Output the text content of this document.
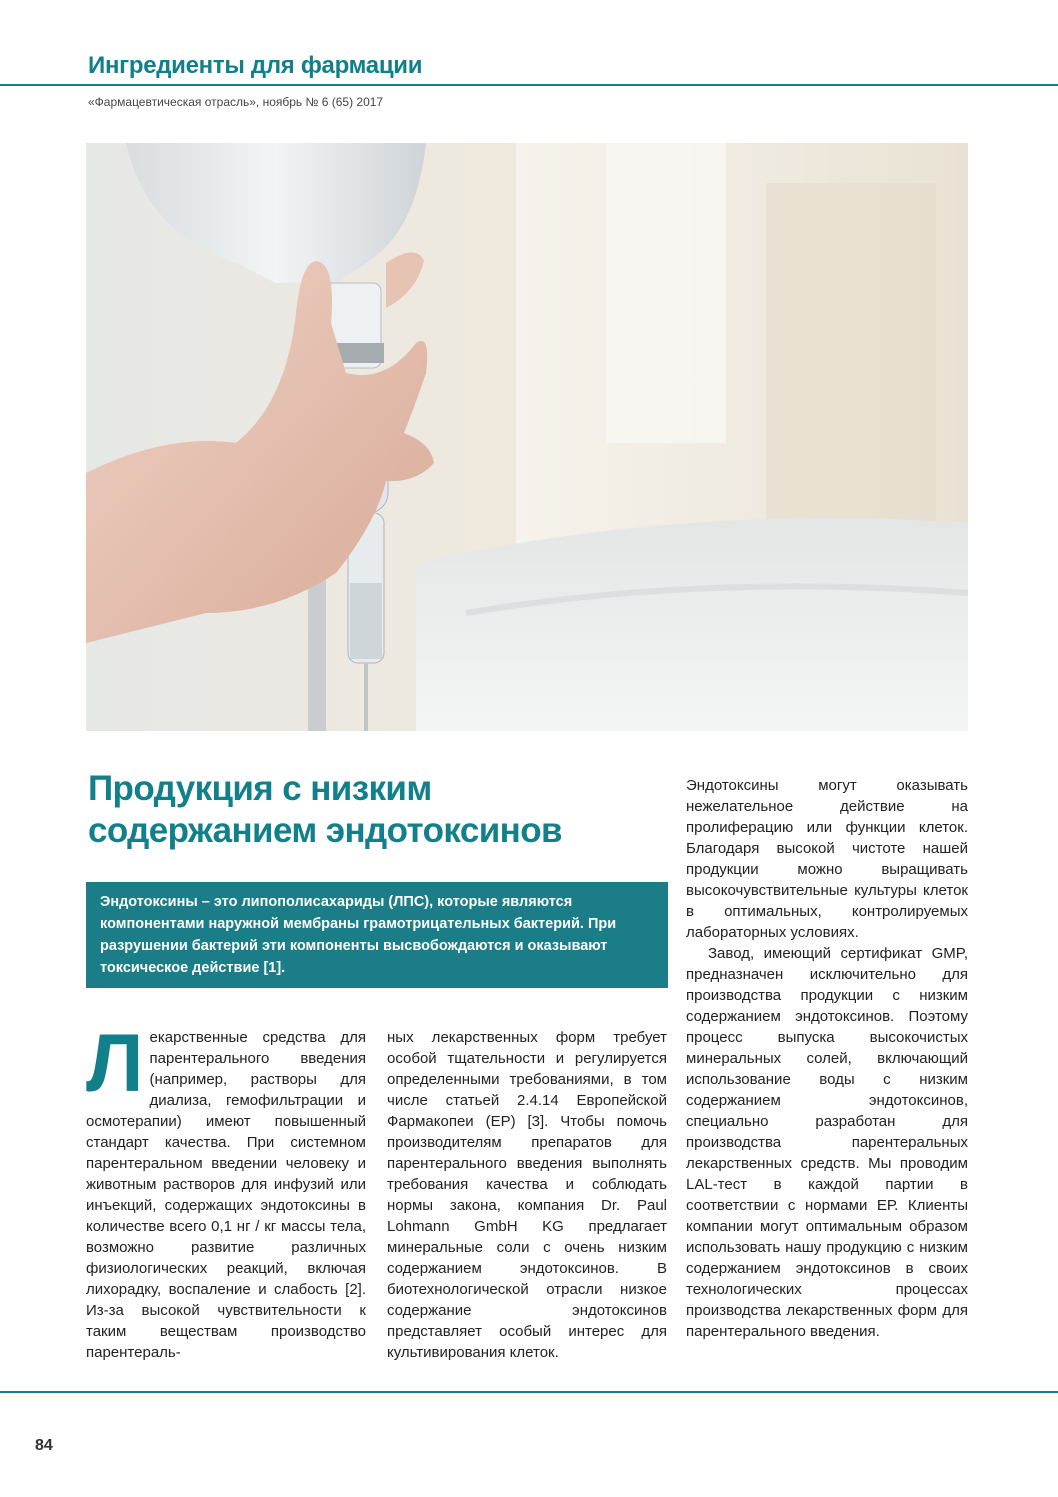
Ингредиенты для фармации
«Фармацевтическая отрасль», ноябрь № 6 (65) 2017
Продукция с низким
содержанием эндотоксинов

Эндотоксины – это липополисахариды (ЛПС), которые являются компонентами наружной мембраны грамотрицательных бактерий. При разрушении бактерий эти компоненты высвобождаются и оказывают токсическое действие [1].

Л екарственные средства для парентерального введения (например, растворы для диализа, гемофильтрации и осмотерапии) имеют повышенный стандарт качества. При системном парентеральном введении человеку и животным растворов для инфузий или инъекций, содержащих эндотоксины в количестве всего 0,1 нг / кг массы тела, возможно развитие различных физиологических реакций, включая лихорадку, воспаление и слабость [2]. Из-за высокой чувствительности к таким веществам производство парентераль-

ных лекарственных форм требует особой тщательности и регулируется определенными требованиями, в том числе статьей 2.4.14 Европейской Фармакопеи (ЕР) [3]. Чтобы помочь производителям препаратов для парентерального введения выполнять требования качества и соблюдать нормы закона, компания Dr. Paul Lohmann GmbH KG предлагает минеральные соли с очень низким содержанием эндотоксинов. В биотехнологической отрасли низкое содержание эндотоксинов представляет особый интерес для культивирования клеток.

Эндотоксины могут оказывать нежелательное действие на пролиферацию или функции клеток. Благодаря высокой чистоте нашей продукции можно выращивать высокочувствительные культуры клеток в оптимальных, контролируемых лабораторных условиях.

Завод, имеющий сертификат GMP, предназначен исключительно для производства продукции с низким содержанием эндотоксинов. Поэтому процесс выпуска высокочистых минеральных солей, включающий использование воды с низким содержанием эндотоксинов, специально разработан для производства парентеральных лекарственных средств. Мы проводим LAL-тест в каждой партии в соответствии с нормами ЕР. Клиенты компании могут оптимальным образом использовать нашу продукцию с низким содержанием эндотоксинов в своих технологических процессах производства лекарственных форм для парентерального введения.

84
